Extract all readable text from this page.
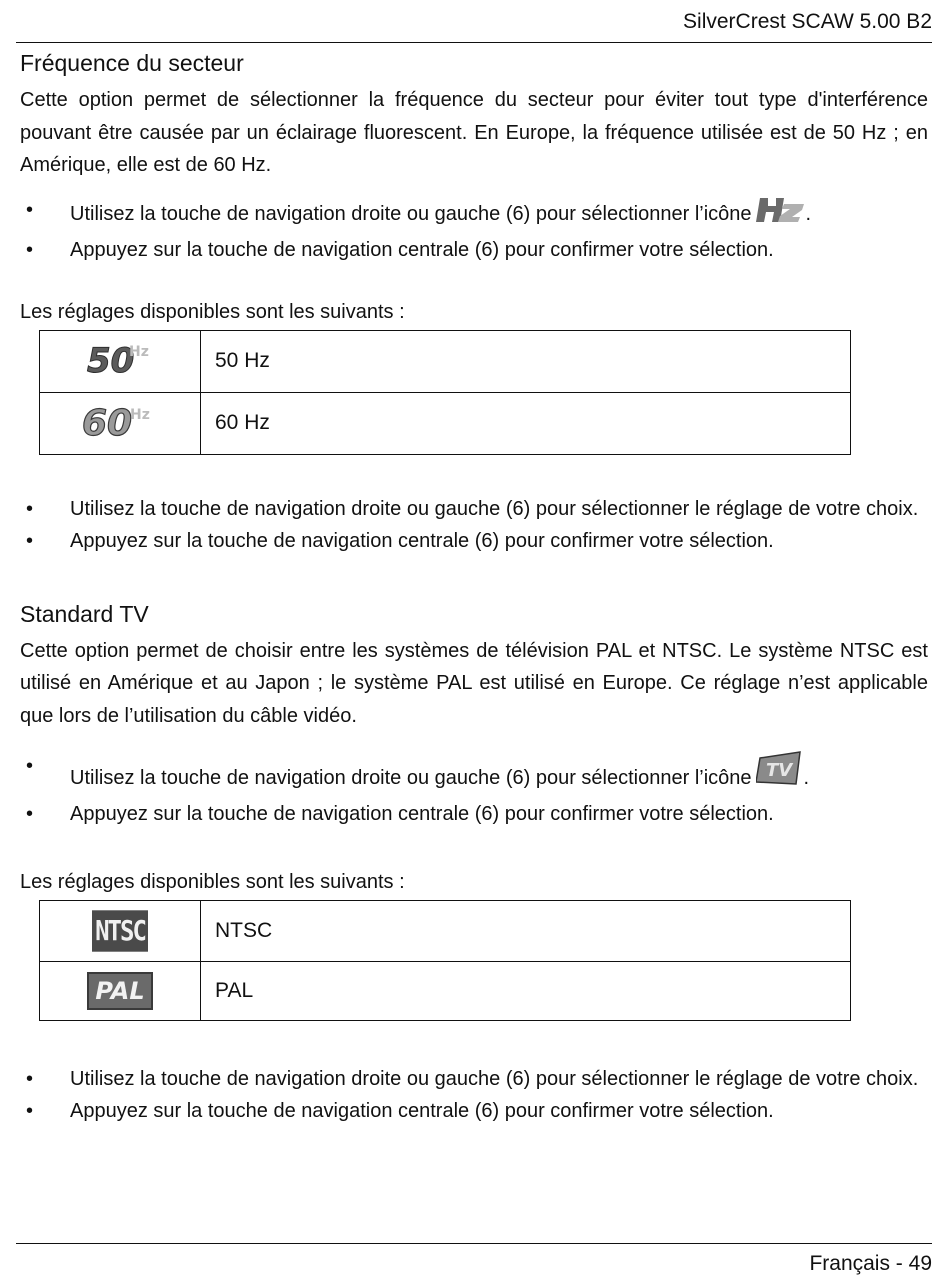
SilverCrest SCAW 5.00 B2
Fréquence du secteur

Cette option permet de sélectionner la fréquence du secteur pour éviter tout type d'interférence pouvant être causée par un éclairage fluorescent. En Europe, la fréquence utilisée est de 50 Hz ; en Amérique, elle est de 60 Hz.

• Utilisez la touche de navigation droite ou gauche (6) pour sélectionner l’icône	.
• Appuyez sur la touche de navigation centrale (6) pour confirmer votre sélection.
Les réglages disponibles sont les suivants :
50
Hz	50 Hz

60
Hz	60 Hz
• Utilisez la touche de navigation droite ou gauche (6) pour sélectionner le réglage de votre choix.
• Appuyez sur la touche de navigation centrale (6) pour confirmer votre sélection.
Standard TV

Cette option permet de choisir entre les systèmes de télévision PAL et NTSC. Le système NTSC est utilisé en Amérique et au Japon ; le système PAL est utilisé en Europe. Ce réglage n’est applicable que lors de l’utilisation du câble vidéo.

• Utilisez la touche de navigation droite ou gauche (6) pour sélectionner l’icône TV .
• Appuyez sur la touche de navigation centrale (6) pour confirmer votre sélection.
Les réglages disponibles sont les suivants :
NTSC	NTSC
PAL	PAL
• Utilisez la touche de navigation droite ou gauche (6) pour sélectionner le réglage de votre choix.
• Appuyez sur la touche de navigation centrale (6) pour confirmer votre sélection.
Français - 49
